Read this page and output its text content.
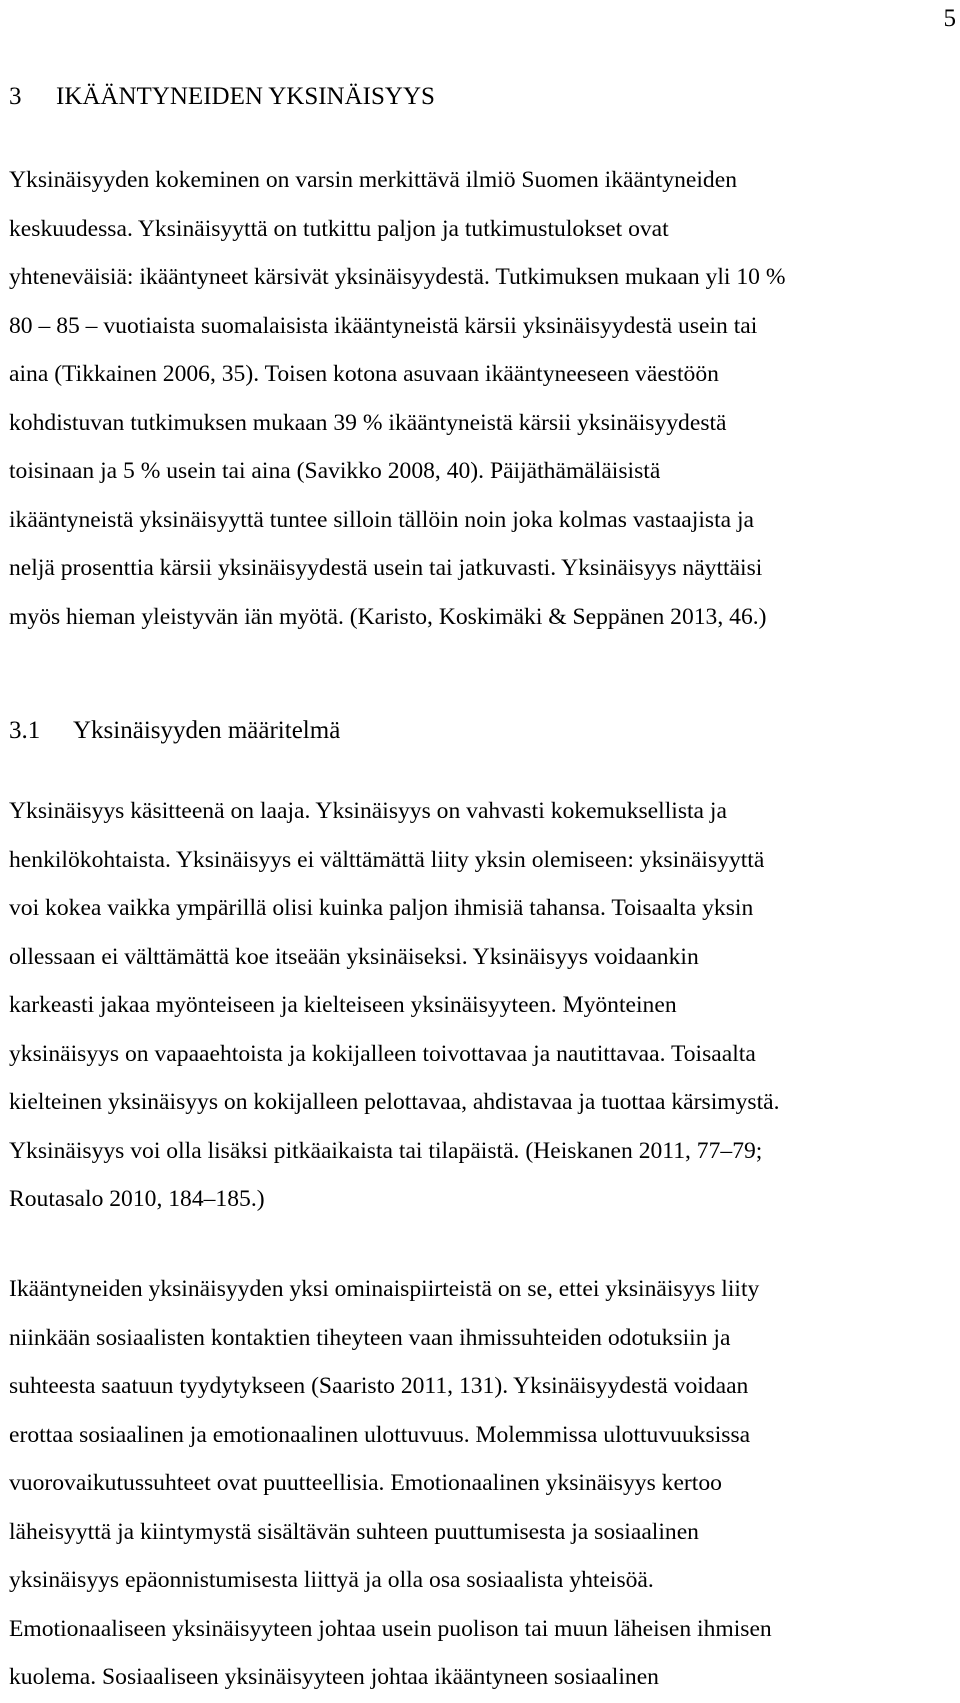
5
3 IKÄÄNTYNEIDEN YKSINÄISYYS
Yksinäisyyden kokeminen on varsin merkittävä ilmiö Suomen ikääntyneiden
keskuudessa. Yksinäisyyttä on tutkittu paljon ja tutkimustulokset ovat
yhteneväisiä: ikääntyneet kärsivät yksinäisyydestä. Tutkimuksen mukaan yli 10 %
80 – 85 – vuotiaista suomalaisista ikääntyneistä kärsii yksinäisyydestä usein tai
aina (Tikkainen 2006, 35). Toisen kotona asuvaan ikääntyneeseen väestöön
kohdistuvan tutkimuksen mukaan 39 % ikääntyneistä kärsii yksinäisyydestä
toisinaan ja 5 % usein tai aina (Savikko 2008, 40). Päijäthämäläisistä
ikääntyneistä yksinäisyyttä tuntee silloin tällöin noin joka kolmas vastaajista ja
neljä prosenttia kärsii yksinäisyydestä usein tai jatkuvasti. Yksinäisyys näyttäisi
myös hieman yleistyvän iän myötä. (Karisto, Koskimäki & Seppänen 2013, 46.)
3.1 Yksinäisyyden määritelmä
Yksinäisyys käsitteenä on laaja. Yksinäisyys on vahvasti kokemuksellista ja
henkilökohtaista. Yksinäisyys ei välttämättä liity yksin olemiseen: yksinäisyyttä
voi kokea vaikka ympärillä olisi kuinka paljon ihmisiä tahansa. Toisaalta yksin
ollessaan ei välttämättä koe itseään yksinäiseksi. Yksinäisyys voidaankin
karkeasti jakaa myönteiseen ja kielteiseen yksinäisyyteen. Myönteinen
yksinäisyys on vapaaehtoista ja kokijalleen toivottavaa ja nautittavaa. Toisaalta
kielteinen yksinäisyys on kokijalleen pelottavaa, ahdistavaa ja tuottaa kärsimystä.
Yksinäisyys voi olla lisäksi pitkäaikaista tai tilapäistä. (Heiskanen 2011, 77–79;
Routasalo 2010, 184–185.)
Ikääntyneiden yksinäisyyden yksi ominaispiirteistä on se, ettei yksinäisyys liity
niinkään sosiaalisten kontaktien tiheyteen vaan ihmissuhteiden odotuksiin ja
suhteesta saatuun tyydytykseen (Saaristo 2011, 131). Yksinäisyydestä voidaan
erottaa sosiaalinen ja emotionaalinen ulottuvuus. Molemmissa ulottuvuuksissa
vuorovaikutussuhteet ovat puutteellisia. Emotionaalinen yksinäisyys kertoo
läheisyyttä ja kiintymystä sisältävän suhteen puuttumisesta ja sosiaalinen
yksinäisyys epäonnistumisesta liittyä ja olla osa sosiaalista yhteisöä.
Emotionaaliseen yksinäisyyteen johtaa usein puolison tai muun läheisen ihmisen
kuolema. Sosiaaliseen yksinäisyyteen johtaa ikääntyneen sosiaalinen
